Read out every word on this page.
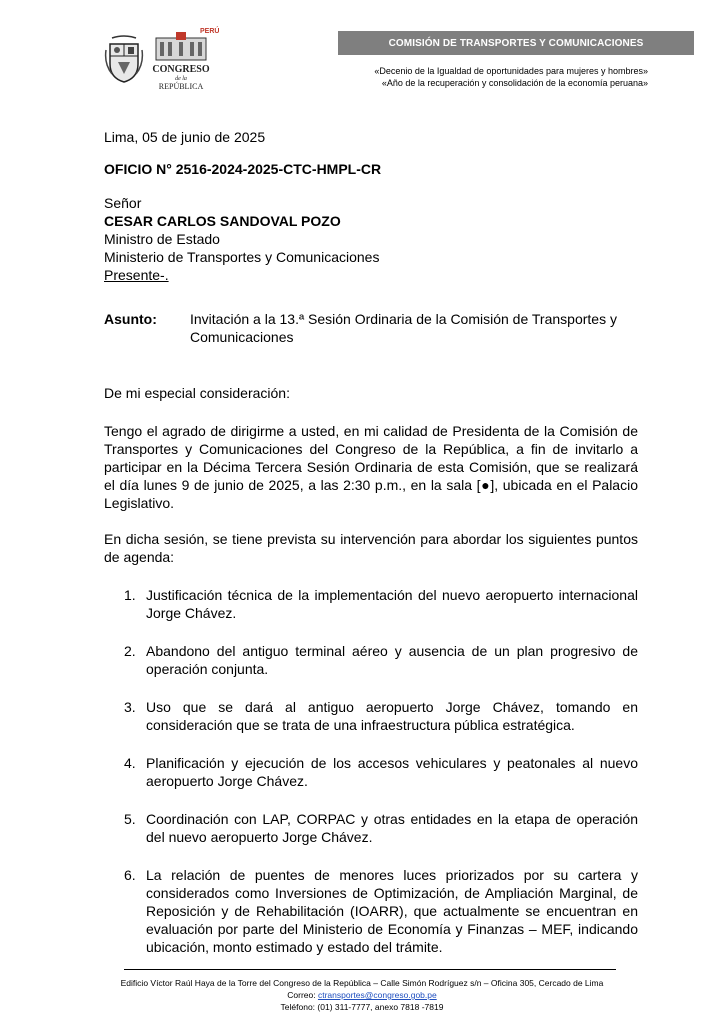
CONGRESO
de la
REPÚBLICA
PERÚ
COMISIÓN DE TRANSPORTES Y COMUNICACIONES
«Decenio de la Igualdad de oportunidades para mujeres y hombres»
«Año de la recuperación y consolidación de la economía peruana»
Lima, 05 de junio de 2025
OFICIO N° 2516-2024-2025-CTC-HMPL-CR
Señor
CESAR CARLOS SANDOVAL POZO
Ministro de Estado
Ministerio de Transportes y Comunicaciones
Presente-.
Asunto:	Invitación a la 13.ª Sesión Ordinaria de la Comisión de Transportes y Comunicaciones
De mi especial consideración:
Tengo el agrado de dirigirme a usted, en mi calidad de Presidenta de la Comisión de Transportes y Comunicaciones del Congreso de la República, a fin de invitarlo a participar en la Décima Tercera Sesión Ordinaria de esta Comisión, que se realizará el día lunes 9 de junio de 2025, a las 2:30 p.m., en la sala [●], ubicada en el Palacio Legislativo.
En dicha sesión, se tiene prevista su intervención para abordar los siguientes puntos de agenda:
1. Justificación técnica de la implementación del nuevo aeropuerto internacional Jorge Chávez.
2. Abandono del antiguo terminal aéreo y ausencia de un plan progresivo de operación conjunta.
3. Uso que se dará al antiguo aeropuerto Jorge Chávez, tomando en consideración que se trata de una infraestructura pública estratégica.
4. Planificación y ejecución de los accesos vehiculares y peatonales al nuevo aeropuerto Jorge Chávez.
5. Coordinación con LAP, CORPAC y otras entidades en la etapa de operación del nuevo aeropuerto Jorge Chávez.
6. La relación de puentes de menores luces priorizados por su cartera y considerados como Inversiones de Optimización, de Ampliación Marginal, de Reposición y de Rehabilitación (IOARR), que actualmente se encuentran en evaluación por parte del Ministerio de Economía y Finanzas – MEF, indicando ubicación, monto estimado y estado del trámite.
Edificio Víctor Raúl Haya de la Torre del Congreso de la República – Calle Simón Rodríguez s/n – Oficina 305, Cercado de Lima
Correo: ctransportes@congreso.gob.pe
Teléfono: (01) 311-7777, anexo 7818 -7819
